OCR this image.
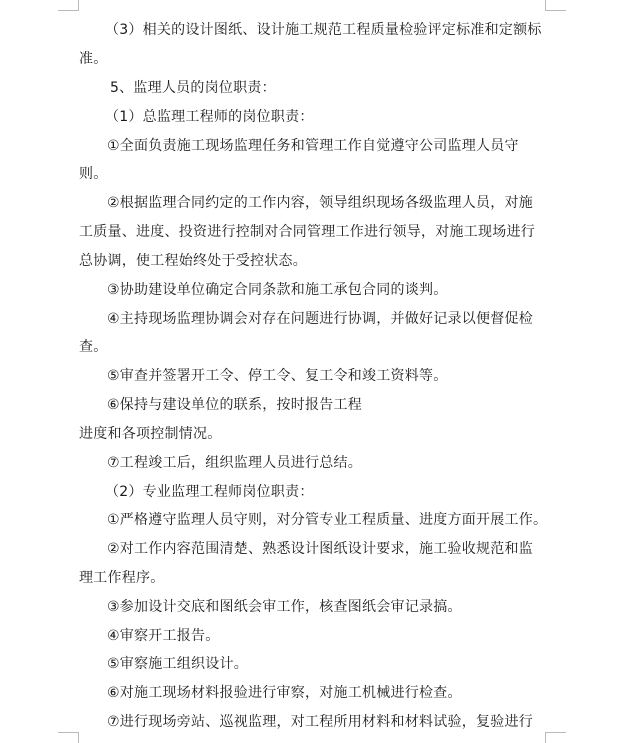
（3）相关的设计图纸、设计施工规范工程质量检验评定标准和定额标
准。
5、监理人员的岗位职责：
（1）总监理工程师的岗位职责：
①全面负责施工现场监理任务和管理工作自觉遵守公司监理人员守
则。
②根据监理合同约定的工作内容，领导组织现场各级监理人员，对施
工质量、进度、投资进行控制对合同管理工作进行领导，对施工现场进行
总协调，使工程始终处于受控状态。
③协助建设单位确定合同条款和施工承包合同的谈判。
④主持现场监理协调会对存在问题进行协调，并做好记录以便督促检
查。
⑤审查并签署开工令、停工令、复工令和竣工资料等。
⑥保持与建设单位的联系，按时报告工程
进度和各项控制情况。
⑦工程竣工后，组织监理人员进行总结。
（2）专业监理工程师岗位职责：
①严格遵守监理人员守则，对分管专业工程质量、进度方面开展工作。
②对工作内容范围清楚、熟悉设计图纸设计要求，施工验收规范和监
理工作程序。
③参加设计交底和图纸会审工作，核查图纸会审记录搞。
④审察开工报告。
⑤审察施工组织设计。
⑥对施工现场材料报验进行审察，对施工机械进行检查。
⑦进行现场旁站、巡视监理，对工程所用材料和材料试验，复验进行
